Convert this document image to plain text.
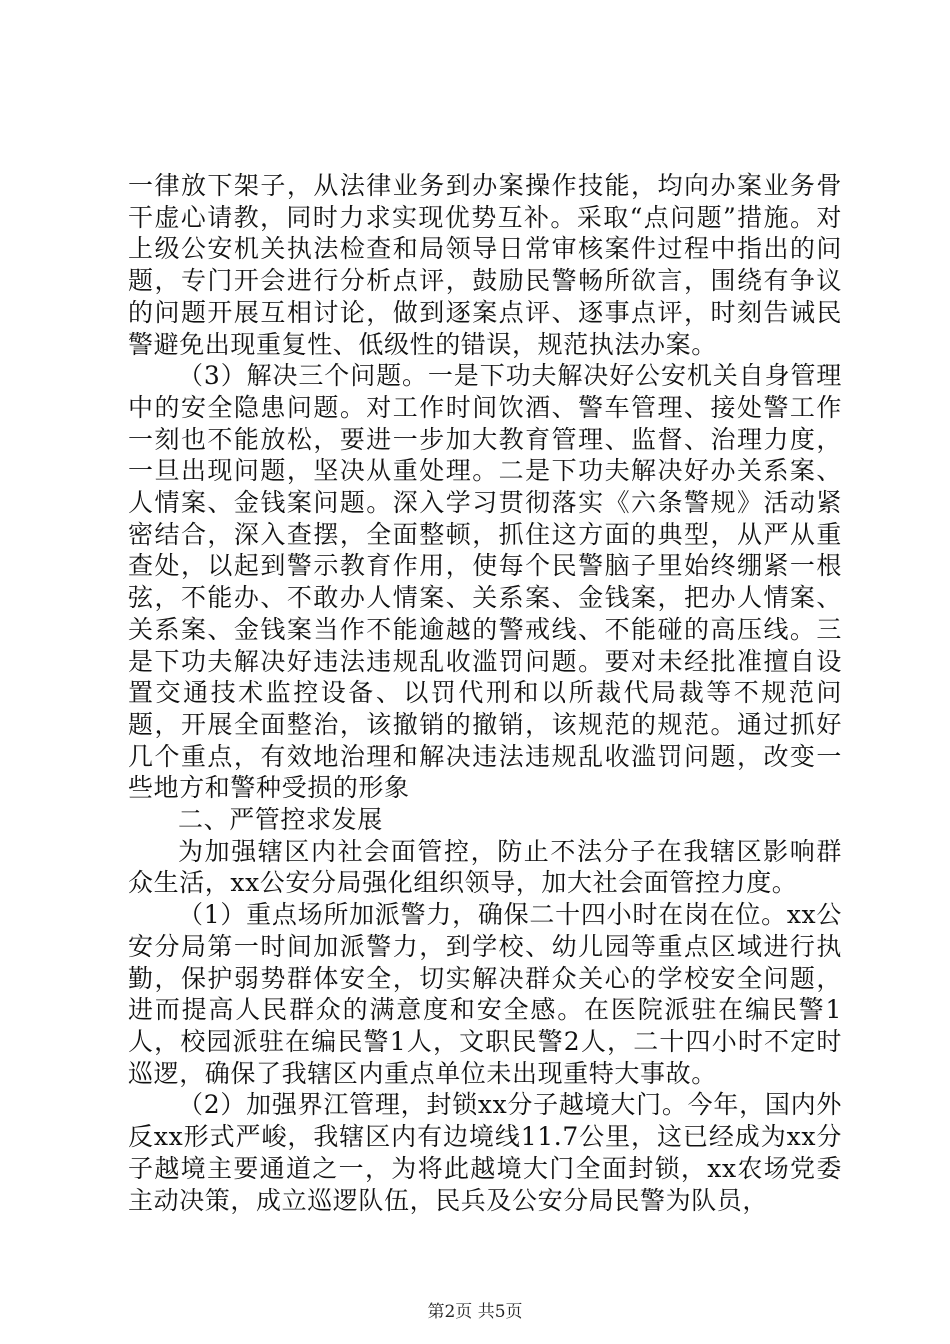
一律放下架子，从法律业务到办案操作技能，均向办案业务骨干虚心请教，同时力求实现优势互补。采取“点问题”措施。对上级公安机关执法检查和局领导日常审核案件过程中指出的问题，专门开会进行分析点评，鼓励民警畅所欲言，围绕有争议的问题开展互相讨论，做到逐案点评、逐事点评，时刻告诫民警避免出现重复性、低级性的错误，规范执法办案。

（3）解决三个问题。一是下功夫解决好公安机关自身管理中的安全隐患问题。对工作时间饮酒、警车管理、接处警工作一刻也不能放松，要进一步加大教育管理、监督、治理力度，一旦出现问题，坚决从重处理。二是下功夫解决好办关系案、人情案、金钱案问题。深入学习贯彻落实《六条警规》活动紧密结合，深入查摆，全面整顿，抓住这方面的典型，从严从重查处，以起到警示教育作用，使每个民警脑子里始终绷紧一根弦，不能办、不敢办人情案、关系案、金钱案，把办人情案、关系案、金钱案当作不能逾越的警戒线、不能碰的高压线。三是下功夫解决好违法违规乱收滥罚问题。要对未经批准擅自设置交通技术监控设备、以罚代刑和以所裁代局裁等不规范问题，开展全面整治，该撤销的撤销，该规范的规范。通过抓好几个重点，有效地治理和解决违法违规乱收滥罚问题，改变一些地方和警种受损的形象

二、严管控求发展

为加强辖区内社会面管控，防止不法分子在我辖区影响群众生活，xx公安分局强化组织领导，加大社会面管控力度。

（1）重点场所加派警力，确保二十四小时在岗在位。xx公安分局第一时间加派警力，到学校、幼儿园等重点区域进行执勤，保护弱势群体安全，切实解决群众关心的学校安全问题，进而提高人民群众的满意度和安全感。在医院派驻在编民警1人，校园派驻在编民警1人，文职民警2人，二十四小时不定时巡逻，确保了我辖区内重点单位未出现重特大事故。

（2）加强界江管理，封锁xx分子越境大门。今年，国内外反xx形式严峻，我辖区内有边境线11.7公里，这已经成为xx分子越境主要通道之一，为将此越境大门全面封锁，xx农场党委主动决策，成立巡逻队伍，民兵及公安分局民警为队员，

第2页 共5页
